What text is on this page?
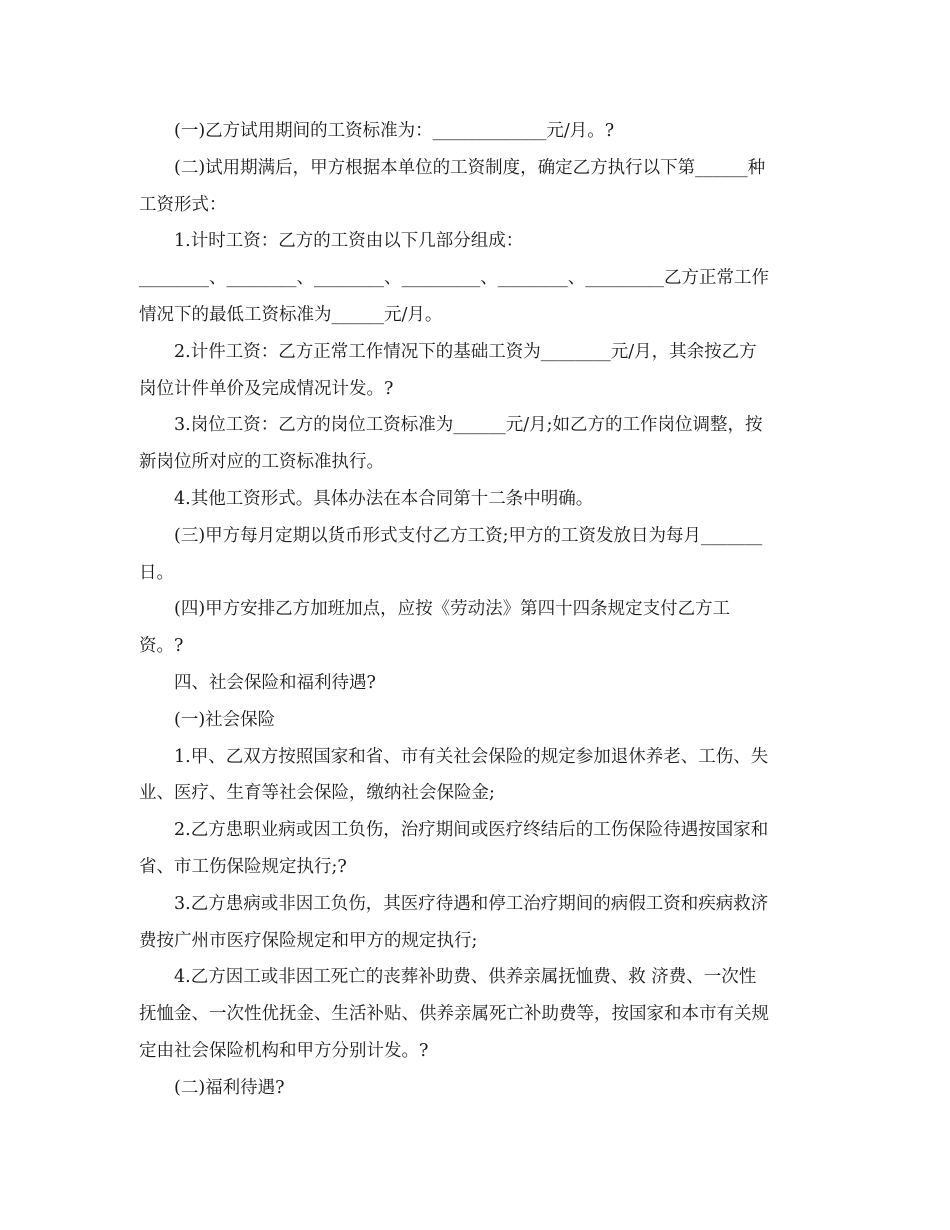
(一)乙方试用期间的工资标准为：_____________元/月。?
(二)试用期满后，甲方根据本单位的工资制度，确定乙方执行以下第______种
工资形式：
1.计时工资：乙方的工资由以下几部分组成：
________、________、________、_________、________、_________乙方正常工作
情况下的最低工资标准为______元/月。
2.计件工资：乙方正常工作情况下的基础工资为________元/月，其余按乙方
岗位计件单价及完成情况计发。?
3.岗位工资：乙方的岗位工资标准为______元/月;如乙方的工作岗位调整，按
新岗位所对应的工资标准执行。
4.其他工资形式。具体办法在本合同第十二条中明确。
(三)甲方每月定期以货币形式支付乙方工资;甲方的工资发放日为每月_______
日。
(四)甲方安排乙方加班加点，应按《劳动法》第四十四条规定支付乙方工
资。?
四、社会保险和福利待遇?
(一)社会保险
1.甲、乙双方按照国家和省、市有关社会保险的规定参加退休养老、工伤、失
业、医疗、生育等社会保险，缴纳社会保险金;
2.乙方患职业病或因工负伤，治疗期间或医疗终结后的工伤保险待遇按国家和
省、市工伤保险规定执行;?
3.乙方患病或非因工负伤，其医疗待遇和停工治疗期间的病假工资和疾病救济
费按广州市医疗保险规定和甲方的规定执行;
4.乙方因工或非因工死亡的丧葬补助费、供养亲属抚恤费、救 济费、一次性
抚恤金、一次性优抚金、生活补贴、供养亲属死亡补助费等，按国家和本市有关规
定由社会保险机构和甲方分别计发。?
(二)福利待遇?
